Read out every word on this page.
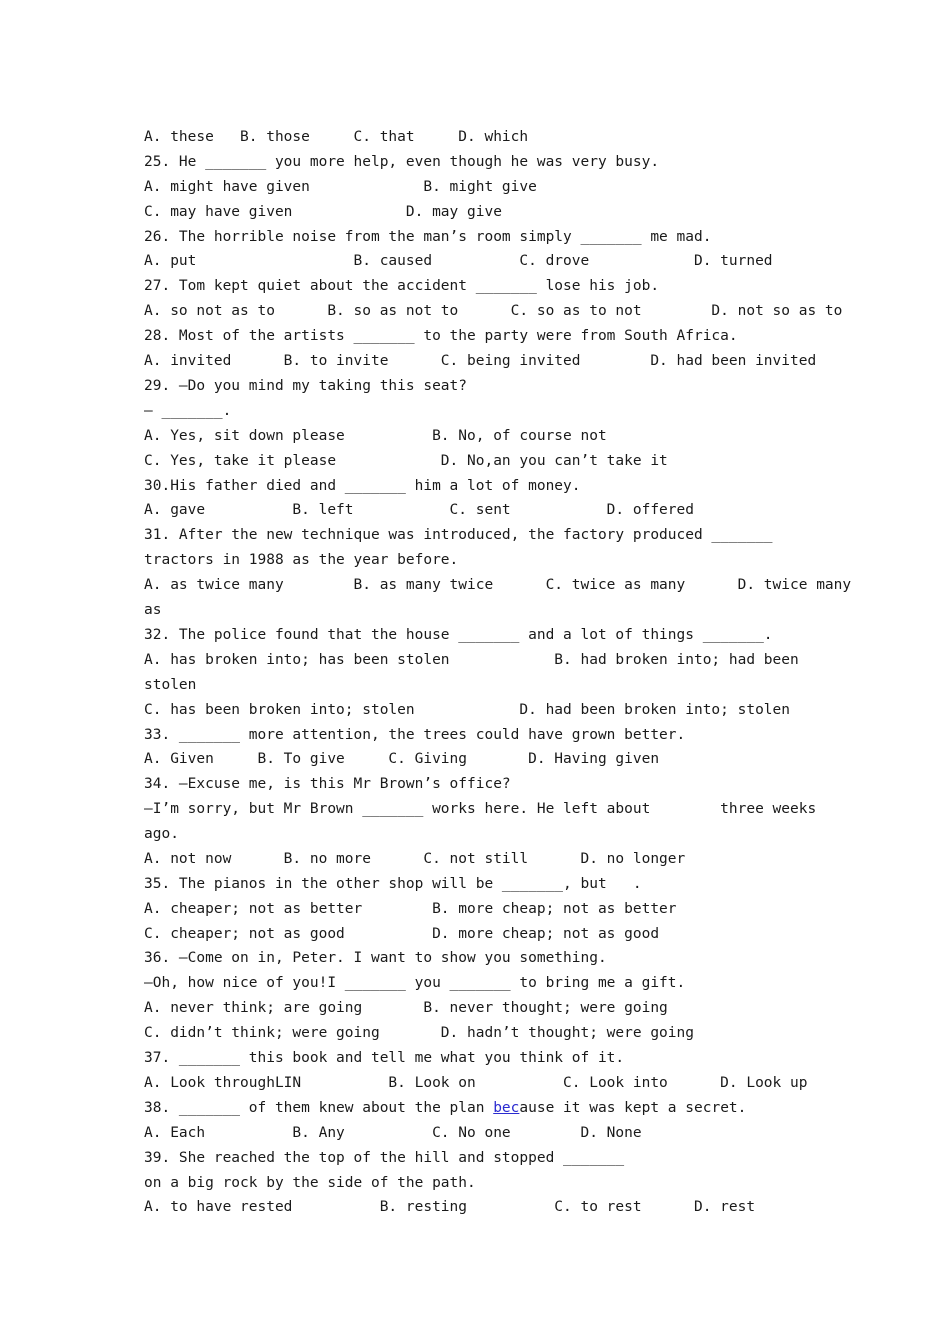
A. these   B. those     C. that     D. which
25. He _______ you more help, even though he was very busy.
A. might have given             B. might give
C. may have given             D. may give
26. The horrible noise from the man’s room simply _______ me mad.
A. put                  B. caused          C. drove            D. turned
27. Tom kept quiet about the accident _______ lose his job.
A. so not as to      B. so as not to      C. so as to not        D. not so as to
28. Most of the artists _______ to the party were from South Africa.
A. invited      B. to invite      C. being invited        D. had been invited
29. —Do you mind my taking this seat?
— _______.
A. Yes, sit down please          B. No, of course not
C. Yes, take it please            D. No,an you can’t take it
30.His father died and _______ him a lot of money.
A. gave          B. left           C. sent           D. offered
31. After the new technique was introduced, the factory produced _______
tractors in 1988 as the year before.
A. as twice many        B. as many twice      C. twice as many      D. twice many
as
32. The police found that the house _______ and a lot of things _______.
A. has broken into; has been stolen            B. had broken into; had been
stolen
C. has been broken into; stolen            D. had been broken into; stolen
33. _______ more attention, the trees could have grown better.
A. Given     B. To give     C. Giving       D. Having given
34. —Excuse me, is this Mr Brown’s office?
—I’m sorry, but Mr Brown _______ works here. He left about        three weeks
ago.
A. not now      B. no more      C. not still      D. no longer
35. The pianos in the other shop will be _______, but   .
A. cheaper; not as better        B. more cheap; not as better
C. cheaper; not as good          D. more cheap; not as good
36. —Come on in, Peter. I want to show you something.
—Oh, how nice of you!I _______ you _______ to bring me a gift.
A. never think; are going       B. never thought; were going
C. didn’t think; were going       D. hadn’t thought; were going
37. _______ this book and tell me what you think of it.
A. Look throughLIN          B. Look on          C. Look into      D. Look up
38. _______ of them knew about the plan because it was kept a secret.
A. Each          B. Any          C. No one        D. None
39. She reached the top of the hill and stopped _______
on a big rock by the side of the path.
A. to have rested          B. resting          C. to rest      D. rest
